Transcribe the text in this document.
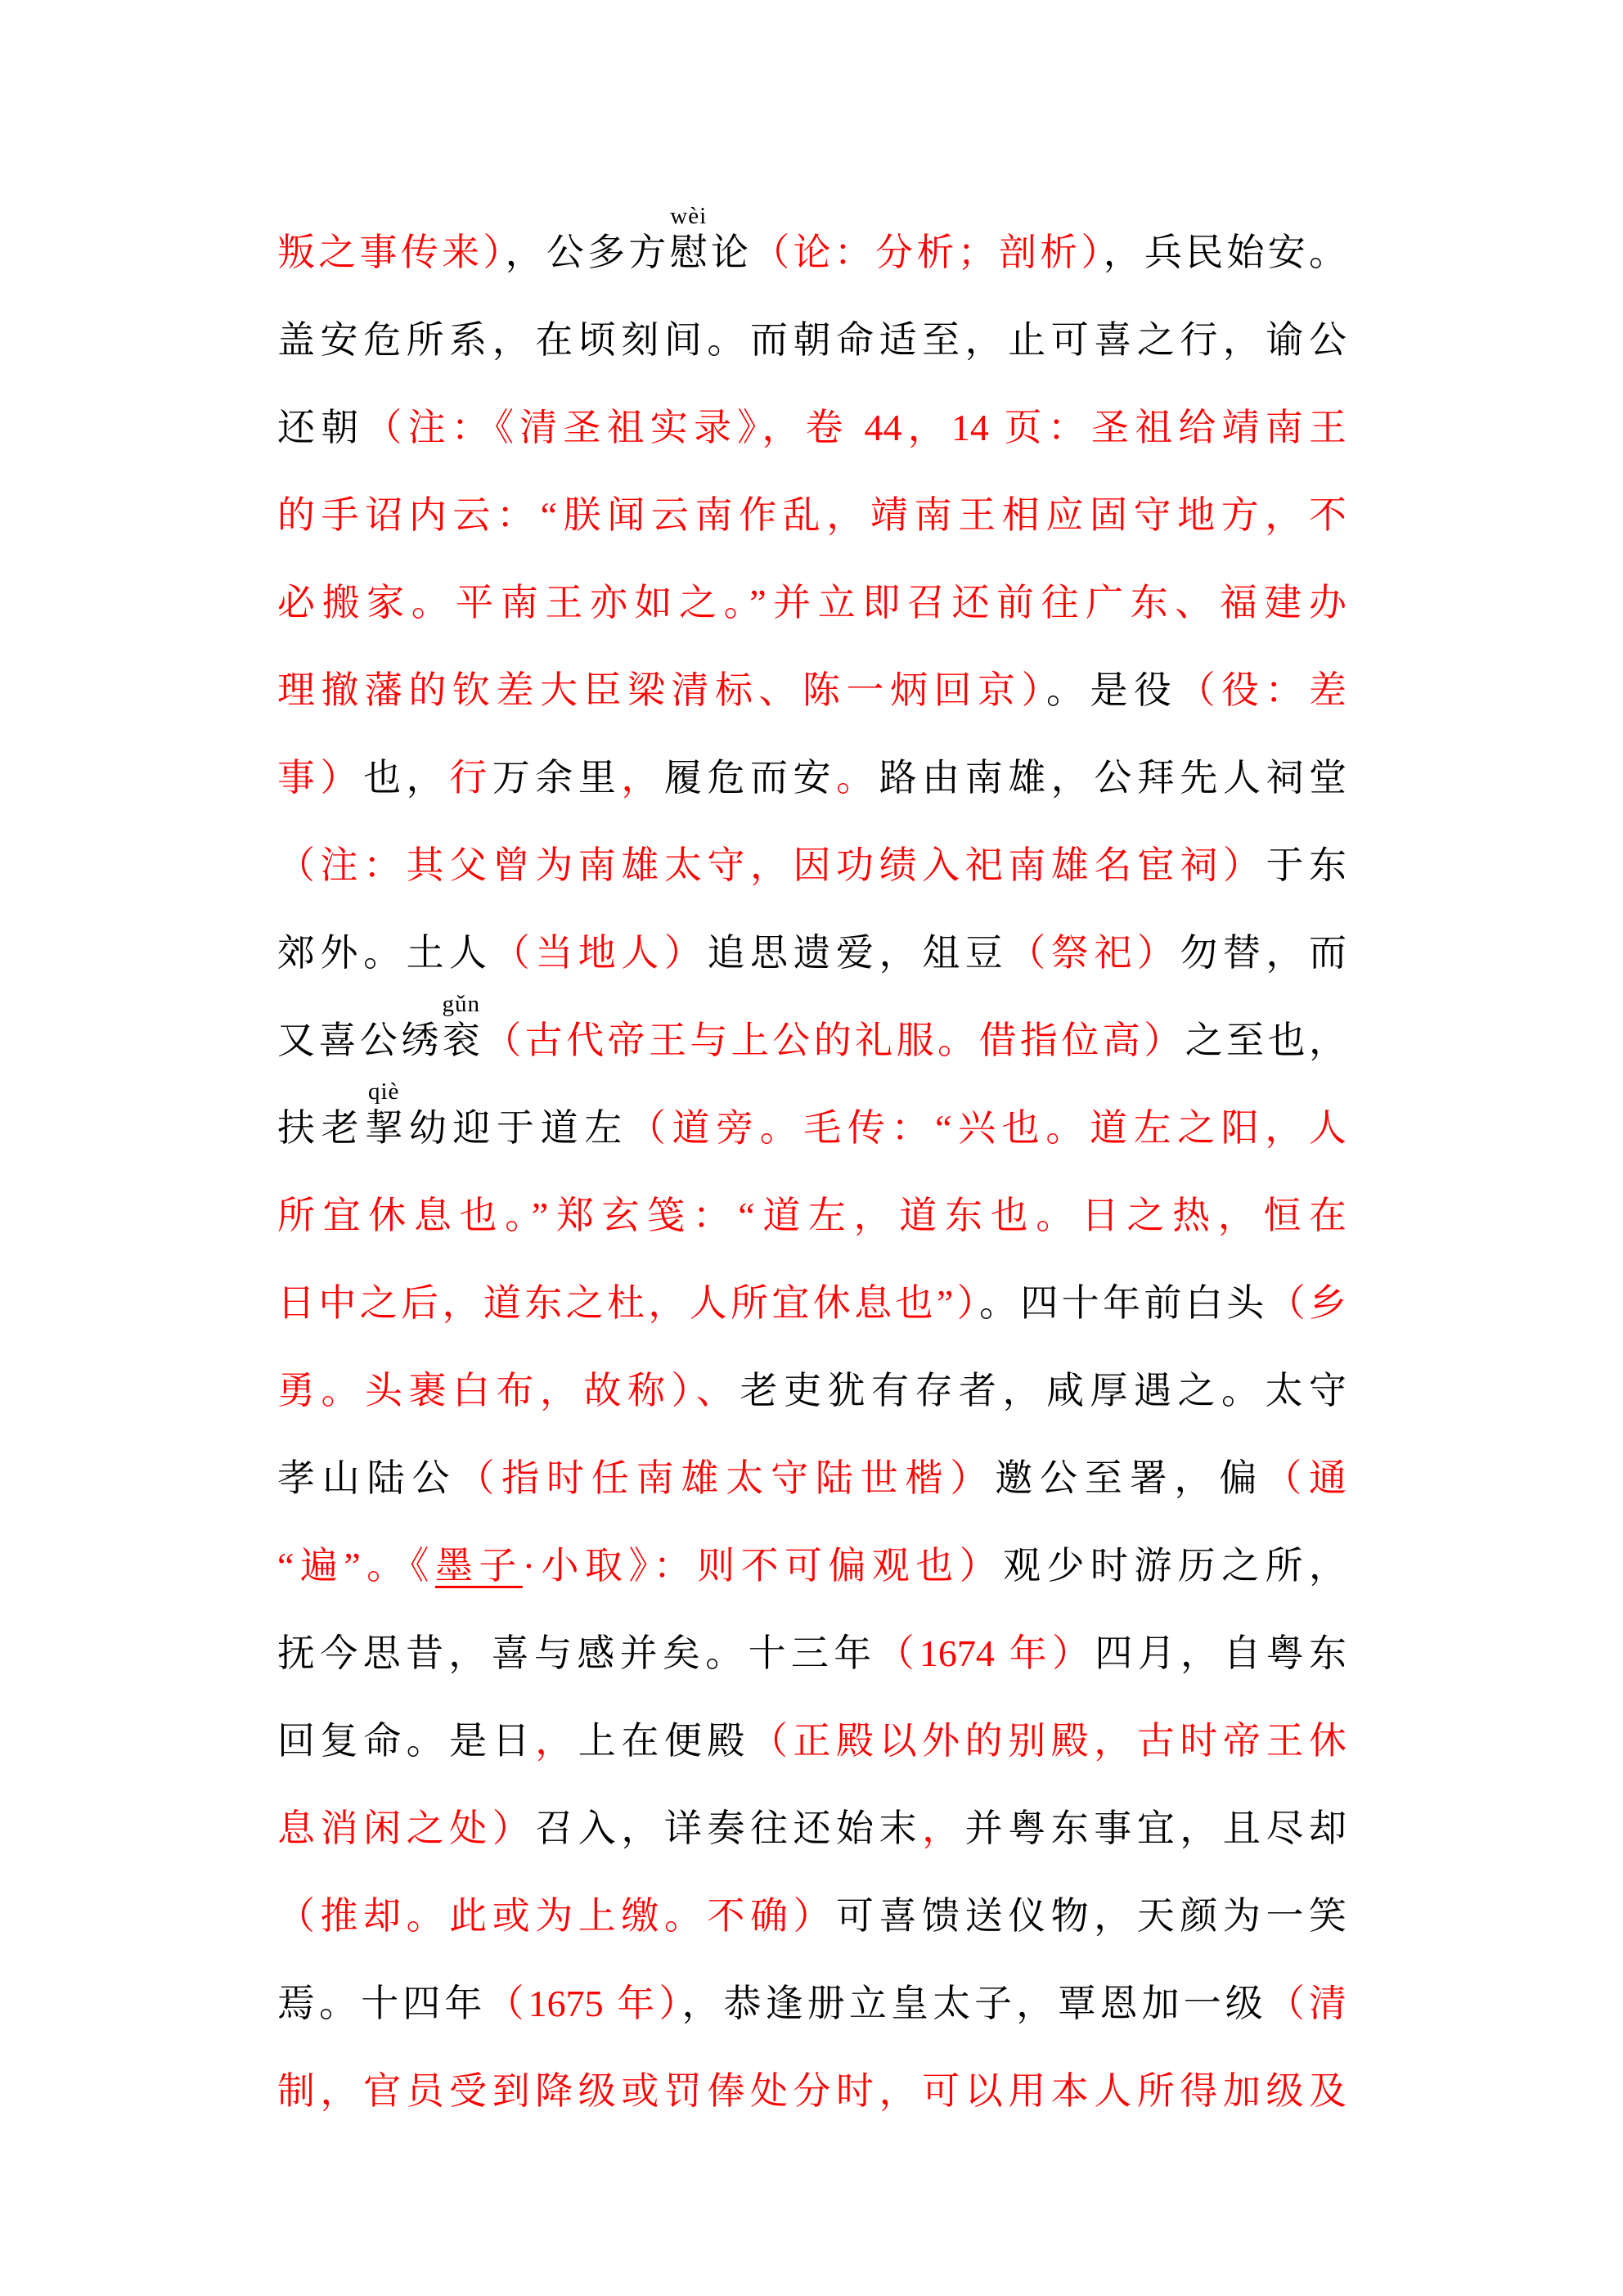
叛之事传来），公多方
wèi
慰论（论：分析；剖析），兵民始安。
盖安危所系，在顷刻间。而朝命适至，止可喜之行，谕公
还朝（注：《清圣祖实录》，卷 44，14 页：圣祖给靖南王
的手诏内云：“朕闻云南作乱，靖南王相应固守地方，不
必搬家。平南王亦如之。”并立即召还前往广东、福建办
理撤藩的钦差大臣梁清标、陈一炳回京）。是役（役：差
事）也，行万余里，履危而安。路由南雄，公拜先人祠堂
（注：其父曾为南雄太守，因功绩入祀南雄名宦祠）于东
郊外。土人（当地人）追思遗爱，俎豆（祭祀）勿替，而
又喜公绣
gǔn
衮（古代帝王与上公的礼服。借指位高）之至也，
扶老
qiè
挈幼迎于道左（道旁。毛传：“兴也。道左之阳，人
所宜休息也。”郑玄笺：“道左，道东也。日之热，恒在
日中之后，道东之杜，人所宜休息也”）。四十年前白头（乡
勇。头裹白布，故称）、老吏犹有存者，咸厚遇之。太守
孝山陆公（指时任南雄太守陆世楷）邀公至署，偏（通
“遍”。《墨子·小取》：则不可偏观也）观少时游历之所，
抚今思昔，喜与感并矣。十三年（1674 年）四月，自粤东
回复命。是日，上在便殿（正殿以外的别殿，古时帝王休
息消闲之处）召入，详奏往还始末，并粤东事宜，且尽却
（推却。此或为上缴。不确）可喜馈送仪物，天颜为一笑
焉。十四年（1675 年），恭逢册立皇太子，覃恩加一级（清
制，官员受到降级或罚俸处分时，可以用本人所得加级及
